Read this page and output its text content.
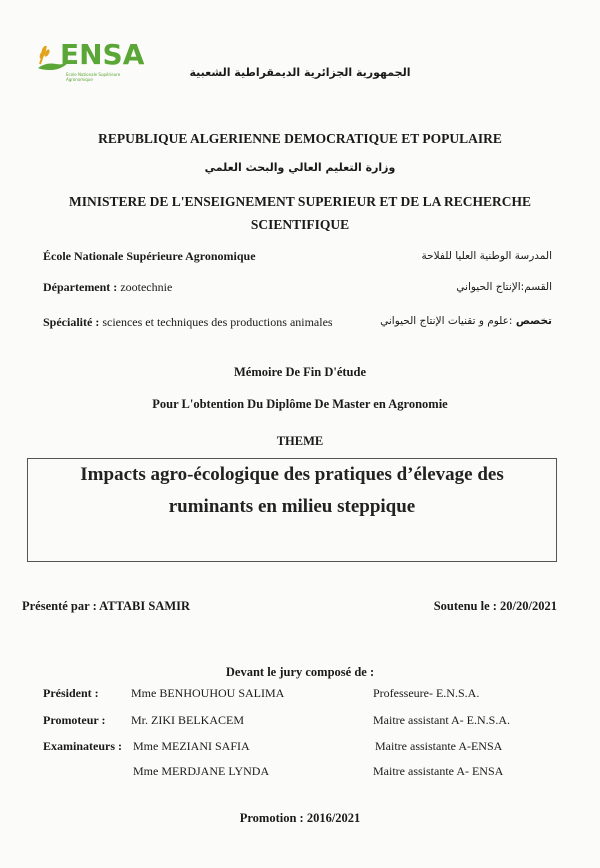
ENSA
Ecole Nationale Supérieure Agronomique
الجمهورية الجزائرية الديمقراطية الشعبية
REPUBLIQUE ALGERIENNE DEMOCRATIQUE ET POPULAIRE
وزارة التعليم العالي والبحث العلمي
MINISTERE DE L'ENSEIGNEMENT SUPERIEUR ET DE LA RECHERCHE
SCIENTIFIQUE
École Nationale Supérieure Agronomique	المدرسة الوطنية العليا للفلاحة
Département : zootechnie	القسم:الإنتاج الحيواني
Spécialité : sciences et techniques des productions animales	تخصص :علوم و تقنيات الإنتاج الحيواني
Mémoire De Fin D'étude
Pour L'obtention Du Diplôme De Master en Agronomie
THEME
Impacts agro-écologique des pratiques d’élevage des
ruminants en milieu steppique
Présenté par : ATTABI SAMIR	Soutenu le : 20/20/2021
Devant le jury composé de :
Président :	Mme BENHOUHOU SALIMA	Professeure- E.N.S.A.
Promoteur : Mr. ZIKI BELKACEM	Maitre assistant A- E.N.S.A.
Examinateurs : Mme MEZIANI SAFIA	Maitre assistante A-ENSA
Mme MERDJANE LYNDA	Maitre assistante A- ENSA
Promotion : 2016/2021
